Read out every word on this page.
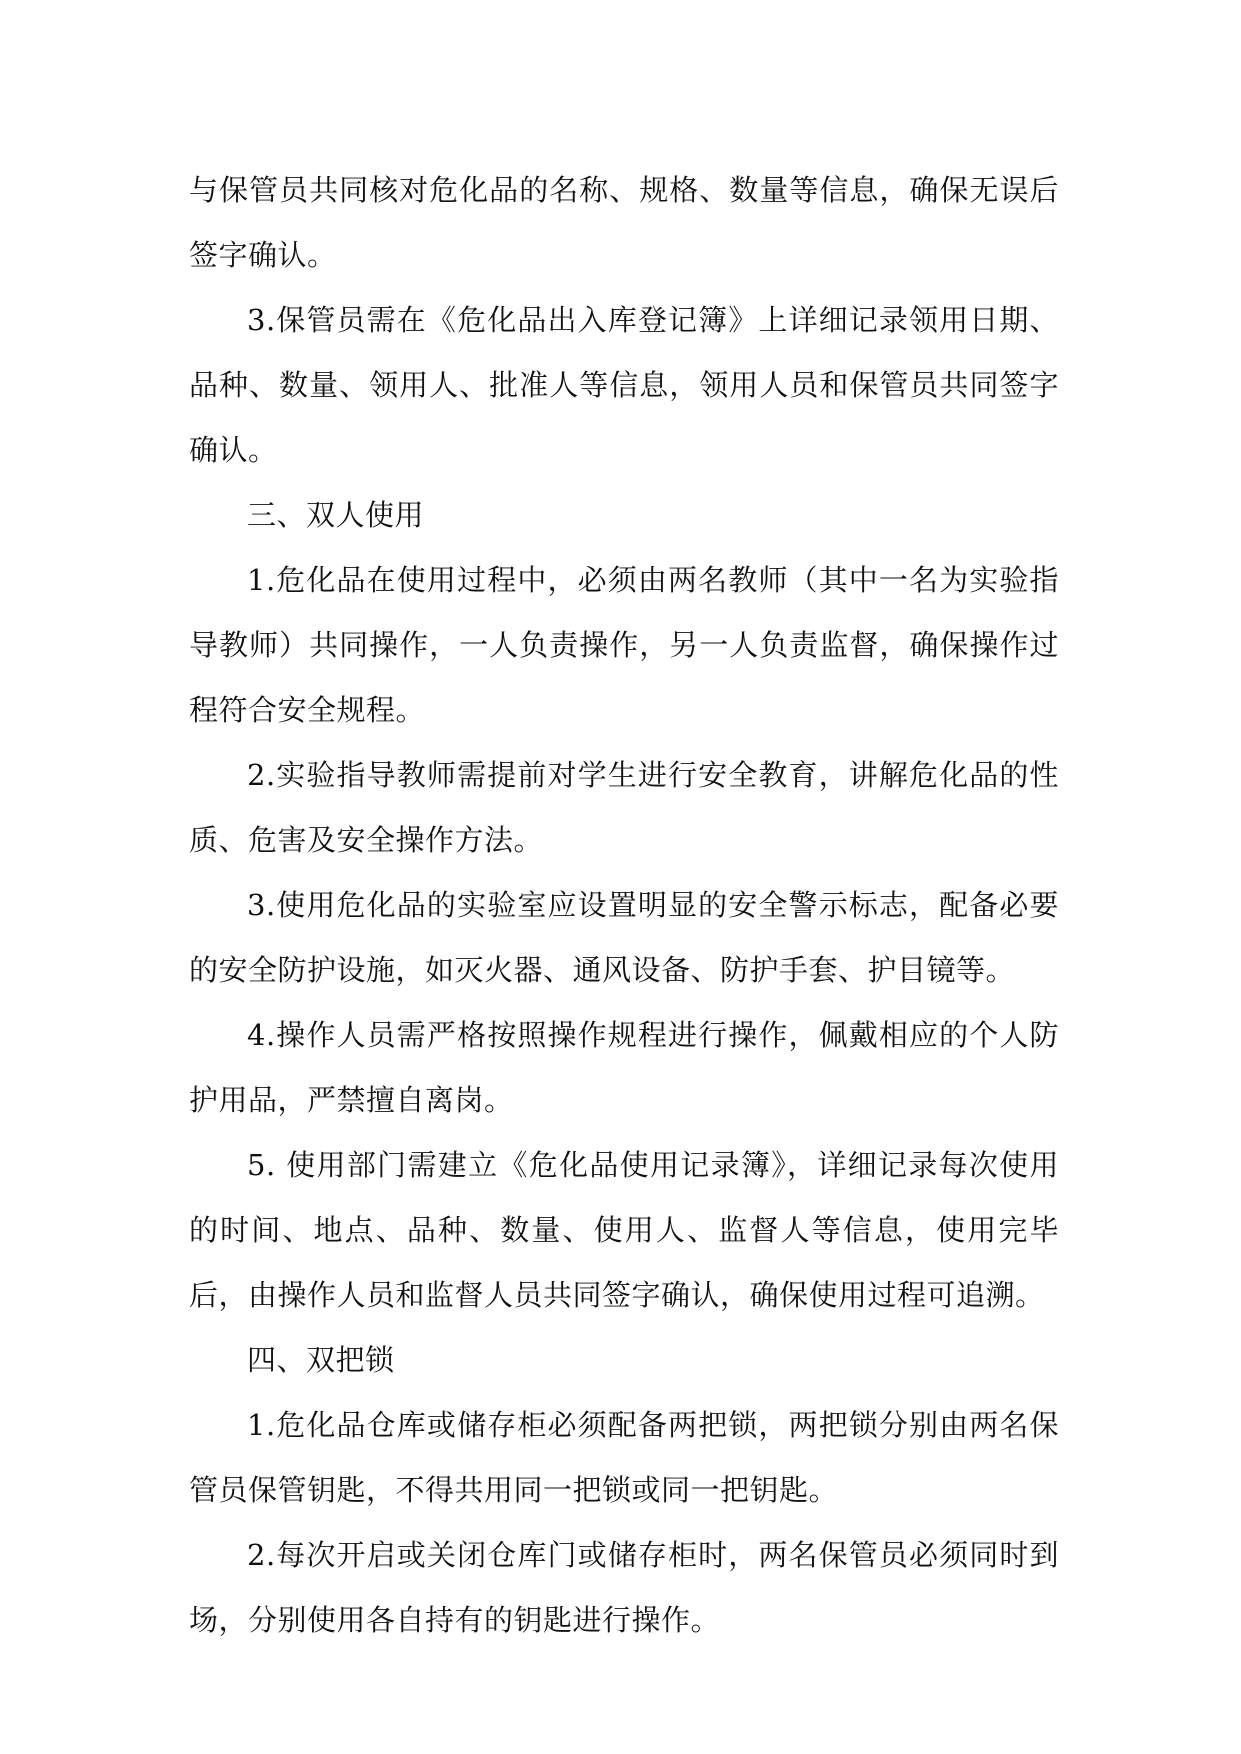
与保管员共同核对危化品的名称、规格、数量等信息，确保无误后签字确认。

3.保管员需在《危化品出入库登记簿》上详细记录领用日期、品种、数量、领用人、批准人等信息，领用人员和保管员共同签字确认。

三、双人使用

1.危化品在使用过程中，必须由两名教师（其中一名为实验指导教师）共同操作，一人负责操作，另一人负责监督，确保操作过程符合安全规程。

2.实验指导教师需提前对学生进行安全教育，讲解危化品的性质、危害及安全操作方法。

3.使用危化品的实验室应设置明显的安全警示标志，配备必要的安全防护设施，如灭火器、通风设备、防护手套、护目镜等。

4.操作人员需严格按照操作规程进行操作，佩戴相应的个人防护用品，严禁擅自离岗。

5. 使用部门需建立《危化品使用记录簿》，详细记录每次使用的时间、地点、品种、数量、使用人、监督人等信息，使用完毕后，由操作人员和监督人员共同签字确认，确保使用过程可追溯。

四、双把锁

1.危化品仓库或储存柜必须配备两把锁，两把锁分别由两名保管员保管钥匙，不得共用同一把锁或同一把钥匙。

2.每次开启或关闭仓库门或储存柜时，两名保管员必须同时到场，分别使用各自持有的钥匙进行操作。
